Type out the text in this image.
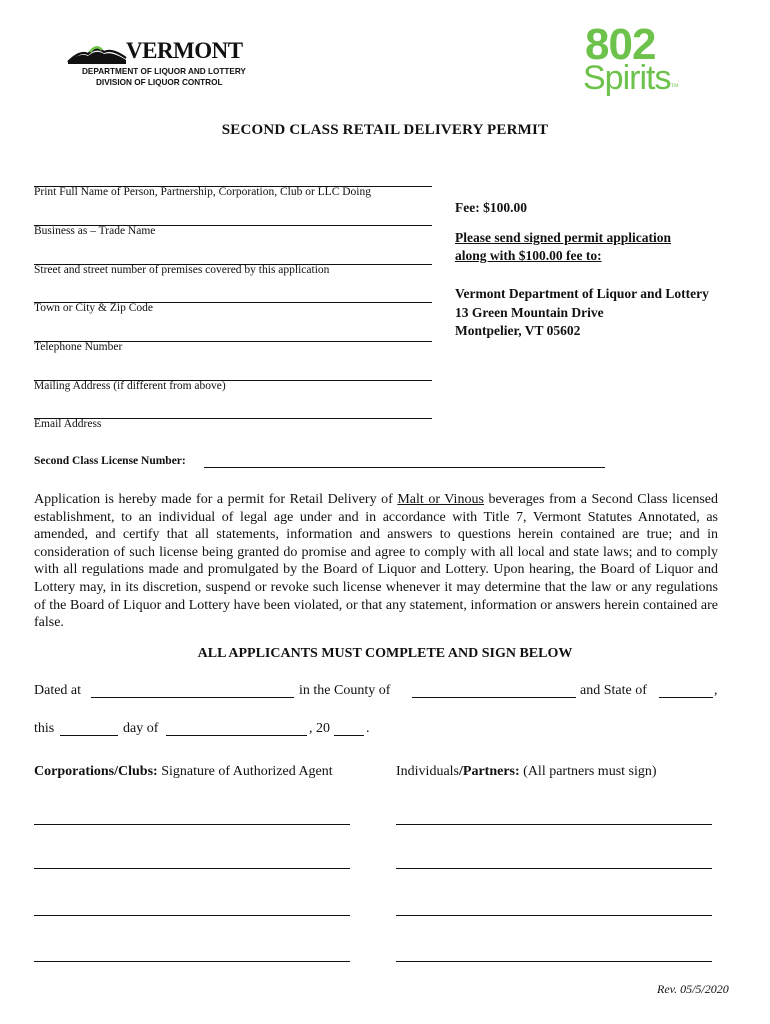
VERMONT
DEPARTMENT OF LIQUOR AND LOTTERY
DIVISION OF LIQUOR CONTROL
802
Spirits TM
SECOND CLASS RETAIL DELIVERY PERMIT
Print Full Name of Person, Partnership, Corporation, Club or LLC Doing
Business as – Trade Name
Street and street number of premises covered by this application
Town or City & Zip Code
Telephone Number
Mailing Address (if different from above)
Email Address
Fee: $100.00
Please send signed permit application
along with $100.00 fee to:
Vermont Department of Liquor and Lottery
13 Green Mountain Drive
Montpelier, VT 05602
Second Class License Number:
Application is hereby made for a permit for Retail Delivery of Malt or Vinous beverages from a Second Class licensed establishment, to an individual of legal age under and in accordance with Title 7, Vermont Statutes Annotated, as amended, and certify that all statements, information and answers to questions herein contained are true; and in consideration of such license being granted do promise and agree to comply with all local and state laws; and to comply with all regulations made and promulgated by the Board of Liquor and Lottery. Upon hearing, the Board of Liquor and Lottery may, in its discretion, suspend or revoke such license whenever it may determine that the law or any regulations of the Board of Liquor and Lottery have been violated, or that any statement, information or answers herein contained are false.
ALL APPLICANTS MUST COMPLETE AND SIGN BELOW
Dated at	in the County of	and State of	,
this	day of	, 20	.
Corporations/Clubs: Signature of Authorized Agent	Individuals/Partners: (All partners must sign)
Rev. 05/5/2020
